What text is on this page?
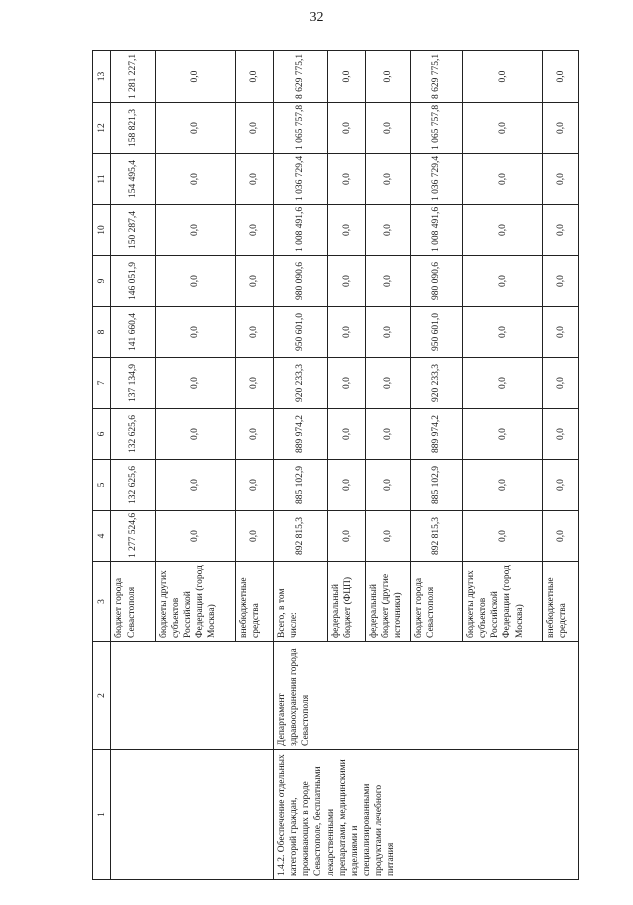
32
1	2	3	4	5	6	7	8	9	10	11	12	13
		бюджет города Севастополя	1 277 524,6	132 625,6	132 625,6	137 134,9	141 660,4	146 051,9	150 287,4	154 495,4	158 821,3	1 281 227,1
		бюджеты других субъектов Российской Федерации (город Москва)	0,0	0,0	0,0	0,0	0,0	0,0	0,0	0,0	0,0	0,0
		внебюджетные средства	0,0	0,0	0,0	0,0	0,0	0,0	0,0	0,0	0,0	0,0
1.4.2. Обеспечение отдельных категорий граждан, проживающих в городе Севастополе, бесплатными лекарственными препаратами, медицинскими изделиями и специализированными продуктами лечебного питания	Департамент здравоохранения города Севастополя	Всего, в том числе:	892 815,3	885 102,9	889 974,2	920 233,3	950 601,0	980 090,6	1 008 491,6	1 036 729,4	1 065 757,8	8 629 775,1
		федеральный бюджет (ФЦП)	0,0	0,0	0,0	0,0	0,0	0,0	0,0	0,0	0,0	0,0
		федеральный бюджет (другие источники)	0,0	0,0	0,0	0,0	0,0	0,0	0,0	0,0	0,0	0,0
		бюджет города Севастополя	892 815,3	885 102,9	889 974,2	920 233,3	950 601,0	980 090,6	1 008 491,6	1 036 729,4	1 065 757,8	8 629 775,1
		бюджеты других субъектов Российской Федерации (город Москва)	0,0	0,0	0,0	0,0	0,0	0,0	0,0	0,0	0,0	0,0
		внебюджетные средства	0,0	0,0	0,0	0,0	0,0	0,0	0,0	0,0	0,0	0,0
